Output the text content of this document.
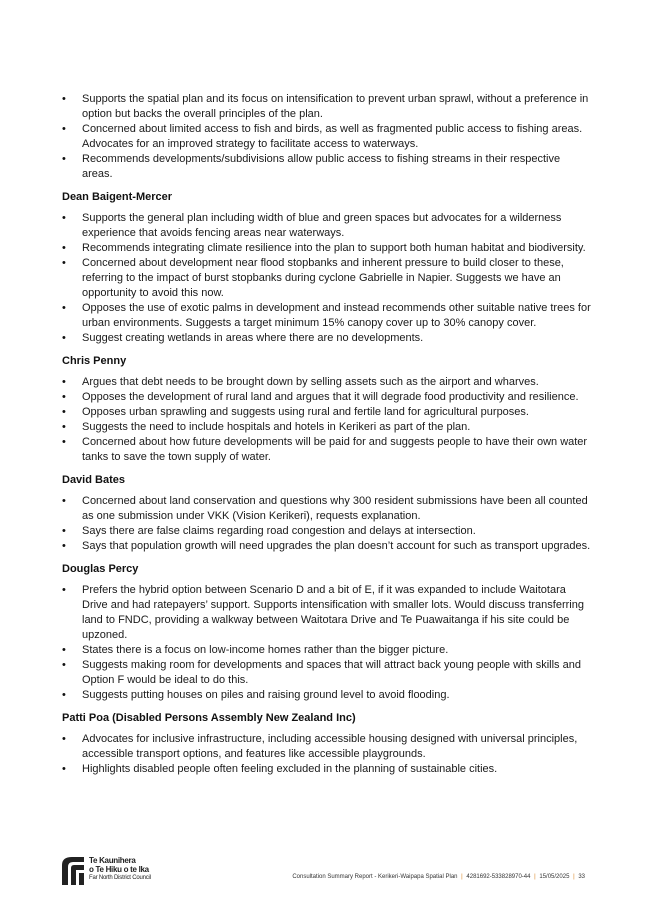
• Supports the spatial plan and its focus on intensification to prevent urban sprawl, without a preference in option but backs the overall principles of the plan.
• Concerned about limited access to fish and birds, as well as fragmented public access to fishing areas. Advocates for an improved strategy to facilitate access to waterways.
• Recommends developments/subdivisions allow public access to fishing streams in their respective areas.
Dean Baigent-Mercer
• Supports the general plan including width of blue and green spaces but advocates for a wilderness experience that avoids fencing areas near waterways.
• Recommends integrating climate resilience into the plan to support both human habitat and biodiversity.
• Concerned about development near flood stopbanks and inherent pressure to build closer to these, referring to the impact of burst stopbanks during cyclone Gabrielle in Napier. Suggests we have an opportunity to avoid this now.
• Opposes the use of exotic palms in development and instead recommends other suitable native trees for urban environments. Suggests a target minimum 15% canopy cover up to 30% canopy cover.
• Suggest creating wetlands in areas where there are no developments.
Chris Penny
• Argues that debt needs to be brought down by selling assets such as the airport and wharves.
• Opposes the development of rural land and argues that it will degrade food productivity and resilience.
• Opposes urban sprawling and suggests using rural and fertile land for agricultural purposes.
• Suggests the need to include hospitals and hotels in Kerikeri as part of the plan.
• Concerned about how future developments will be paid for and suggests people to have their own water tanks to save the town supply of water.
David Bates
• Concerned about land conservation and questions why 300 resident submissions have been all counted as one submission under VKK (Vision Kerikeri), requests explanation.
• Says there are false claims regarding road congestion and delays at intersection.
• Says that population growth will need upgrades the plan doesn’t account for such as transport upgrades.
Douglas Percy
• Prefers the hybrid option between Scenario D and a bit of E, if it was expanded to include Waitotara Drive and had ratepayers’ support. Supports intensification with smaller lots. Would discuss transferring land to FNDC, providing a walkway between Waitotara Drive and Te Puawaitanga if his site could be upzoned.
• States there is a focus on low-income homes rather than the bigger picture.
• Suggests making room for developments and spaces that will attract back young people with skills and Option F would be ideal to do this.
• Suggests putting houses on piles and raising ground level to avoid flooding.
Patti Poa (Disabled Persons Assembly New Zealand Inc)
• Advocates for inclusive infrastructure, including accessible housing designed with universal principles, accessible transport options, and features like accessible playgrounds.
• Highlights disabled people often feeling excluded in the planning of sustainable cities.
Te Kaunihera
o Te Hiku o te Ika
Far North District Council	Consultation Summary Report - Kerikeri-Waipapa Spatial Plan | 4281692-533828970-44 | 15/05/2025 | 33
